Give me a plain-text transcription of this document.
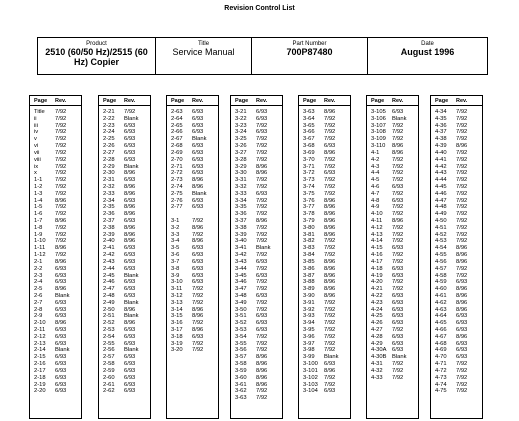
Revision Control List
Product
2510 (60/50 Hz)/2515 (60 Hz) Copier
Title
Service Manual
Part Number
700P87480
Date
August 1996
Page Rev.
Title 7/92
ii	7/92
iii	7/92
iv	7/92
v	7/92
vi	7/92
vii	7/92
viii 7/92
ix	7/92
x	7/92
1-1 7/92
1-2 7/92
1-3 7/92
1-4 8/96
1-5 7/92
1-6 7/92
1-7 8/96
1-8 7/92
1-9 7/92
1-10 7/92
1-11 8/96
1-12 7/92
2-1 8/96
2-2 6/93
2-3 6/93
2-4 6/93
2-5 8/96
2-6 Blank
2-7 6/93
2-8 6/93
2-9 6/93
2-10 8/96
2-11 6/93
2-12 6/93
2-13 6/93
2-14 Blank
2-15 6/93
2-16 6/93
2-17 6/93
2-18 6/93
2-19 6/93
2-20 6/93
Page Rev.
2-21 7/92
2-22 Blank
2-23 6/93
2-24 6/93
2-25 6/93
2-26 6/93
2-27 6/93
2-28 6/93
2-29 Blank
2-30 8/96
2-31 6/93
2-32 8/96
2-33 8/96
2-34 6/93
2-35 8/96
2-36 8/96
2-37 6/93
2-38 8/96
2-39 8/96
2-40 8/96
2-41 6/93
2-42 6/93
2-43 6/93
2-44 6/93
2-45 Blank
2-46 6/93
2-47 6/93
2-48 6/93
2-49 Blank
2-50 8/96
2-51 Blank
2-52 8/96
2-53 6/93
2-54 6/93
2-55 6/93
2-56 Blank
2-57 6/93
2-58 6/93
2-59 6/93
2-60 6/93
2-61 6/93
2-62 6/93
Page Rev.
2-63 6/93
2-64 6/93
2-65 6/93
2-66 6/93
2-67 Blank
2-68 6/93
2-69 6/93
2-70 6/93
2-71 6/93
2-72 6/93
2-73 8/96
2-74 8/96
2-75 Blank
2-76 6/93
2-77 6/93
3-1 7/92
3-2 8/96
3-3 7/92
3-4 8/96
3-5 6/93
3-6 6/93
3-7 6/93
3-8 6/93
3-9 6/93
3-10 6/93
3-11 7/92
3-12 7/92
3-13 7/92
3-14 8/96
3-15 8/96
3-16 7/92
3-17 8/96
3-18 6/93
3-19 7/92
3-20 7/92
Page Rev.
3-21 6/93
3-22 6/93
3-23 7/92
3-24 6/93
3-25 7/92
3-26 7/92
3-27 7/92
3-28 7/92
3-29 8/96
3-30 8/96
3-31 7/92
3-32 7/92
3-33 6/93
3-34 7/92
3-35 7/92
3-36 7/92
3-37 8/96
3-38 7/92
3-39 7/92
3-40 7/92
3-41 Blank
3-42 7/92
3-43 6/93
3-44 7/92
3-45 6/93
3-46 7/92
3-47 7/92
3-48 6/93
3-49 7/92
3-50 7/92
3-51 6/93
3-52 6/93
3-53 6/93
3-54 7/92
3-55 7/92
3-56 7/92
3-57 8/96
3-58 8/96
3-59 8/96
3-60 8/96
3-61 8/96
3-62 7/92
3-63 7/92
Page Rev.
3-63 8/96
3-64 7/92
3-65 7/92
3-66 7/92
3-67 7/92
3-68 6/93
3-69 8/96
3-70 7/92
3-71 7/92
3-72 6/93
3-73 7/92
3-74 7/92
3-75 7/92
3-76 8/96
3-77 8/96
3-78 8/96
3-79 8/96
3-80 8/96
3-81 8/96
3-82 7/92
3-83 7/92
3-84 7/92
3-85 8/96
3-86 8/96
3-87 8/96
3-88 8/96
3-89 8/96
3-90 8/96
3-91 7/92
3-92 7/92
3-93 7/92
3-94 7/92
3-95 7/92
3-96 7/92
3-97 7/92
3-98 7/92
3-99 Blank
3-100 6/93
3-101 8/96
3-102 7/92
3-103 7/92
3-104 6/93
Page Rev.
3-105 6/93
3-106 Blank
3-107 7/92
3-108 7/92
3-109 7/92
3-110 8/96
4-1 8/96
4-2 7/92
4-3 7/92
4-4 7/92
4-5 7/92
4-6 6/93
4-7 7/92
4-8 6/93
4-9 7/92
4-10 7/92
4-11 8/96
4-12 7/92
4-13 7/92
4-14 7/92
4-15 6/93
4-16 7/92
4-17 7/92
4-18 6/93
4-19 6/93
4-20 7/92
4-21 7/92
4-22 6/93
4-23 6/93
4-24 6/93
4-25 6/93
4-26 6/93
4-27 7/92
4-28 6/93
4-29 6/93
4-30A 6/93
4-30B Blank
4-31 7/92
4-32 7/92
4-33 7/92
Page Rev.
4-34 7/92
4-35 7/92
4-36 7/92
4-37 7/92
4-38 7/92
4-39 8/96
4-40 7/92
4-41 7/92
4-42 7/92
4-43 7/92
4-44 7/92
4-45 7/92
4-46 7/92
4-47 7/92
4-48 7/92
4-49 7/92
4-50 7/92
4-51 7/92
4-52 7/92
4-53 7/92
4-54 8/96
4-55 8/96
4-56 8/96
4-57 7/92
4-58 7/92
4-59 6/93
4-60 8/96
4-61 8/96
4-62 8/96
4-63 8/96
4-64 6/93
4-65 6/93
4-66 6/93
4-67 8/96
4-68 6/93
4-69 6/93
4-70 6/93
4-71 7/92
4-72 7/92
4-73 7/92
4-74 7/92
4-75 7/92
